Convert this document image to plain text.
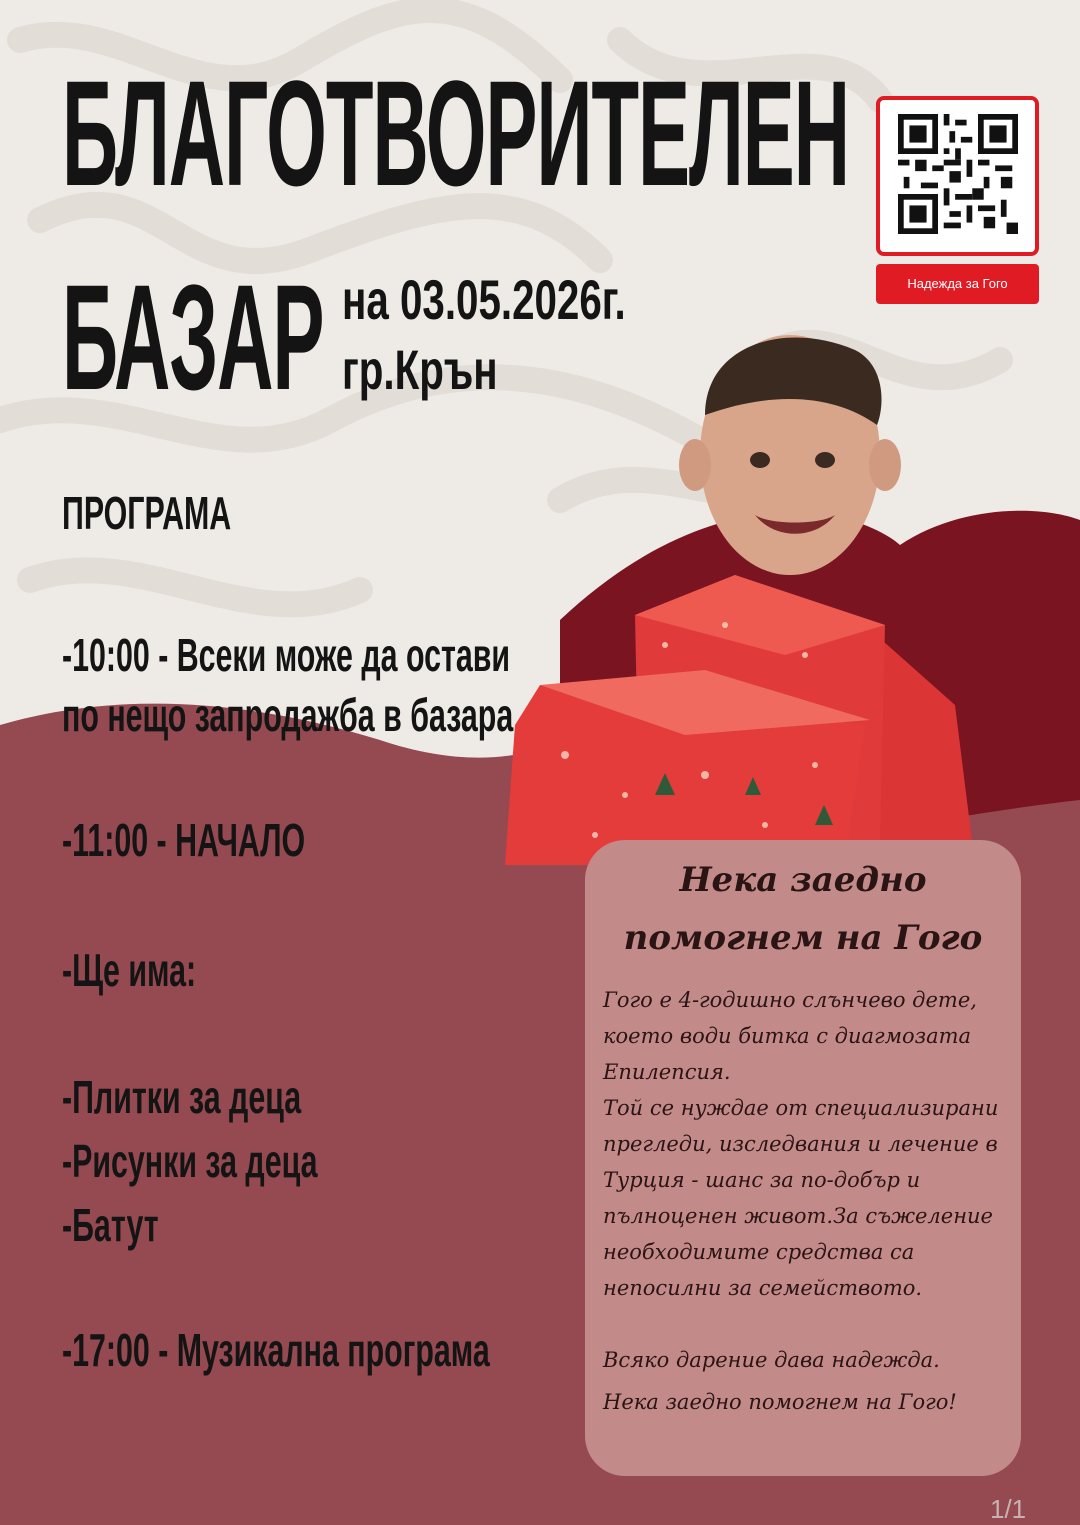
БЛАГОТВОРИТЕЛЕН
БАЗАР на 03.05.2026г.
гр.Крън
Надежда за Гого
ПРОГРАМА
-10:00 - Всеки може да остави
по нещо запродажба в базара
-11:00 - НАЧАЛО
-Ще има:
-Плитки за деца
-Рисунки за деца
-Батут
-17:00 - Музикална програма
Нека заедно
помогнем на Гого
Гого е 4-годишно слънчево дете,
което води битка с диагмозата
Епилепсия.
Той се нуждае от специализирани
прегледи, изследвания и лечение в
Турция - шанс за по-добър и
пълноценен живот.За съжеление
необходимите средства са
непосилни за семейството.
Всяко дарение дава надежда.
Нека заедно помогнем на Гого!
1/1
